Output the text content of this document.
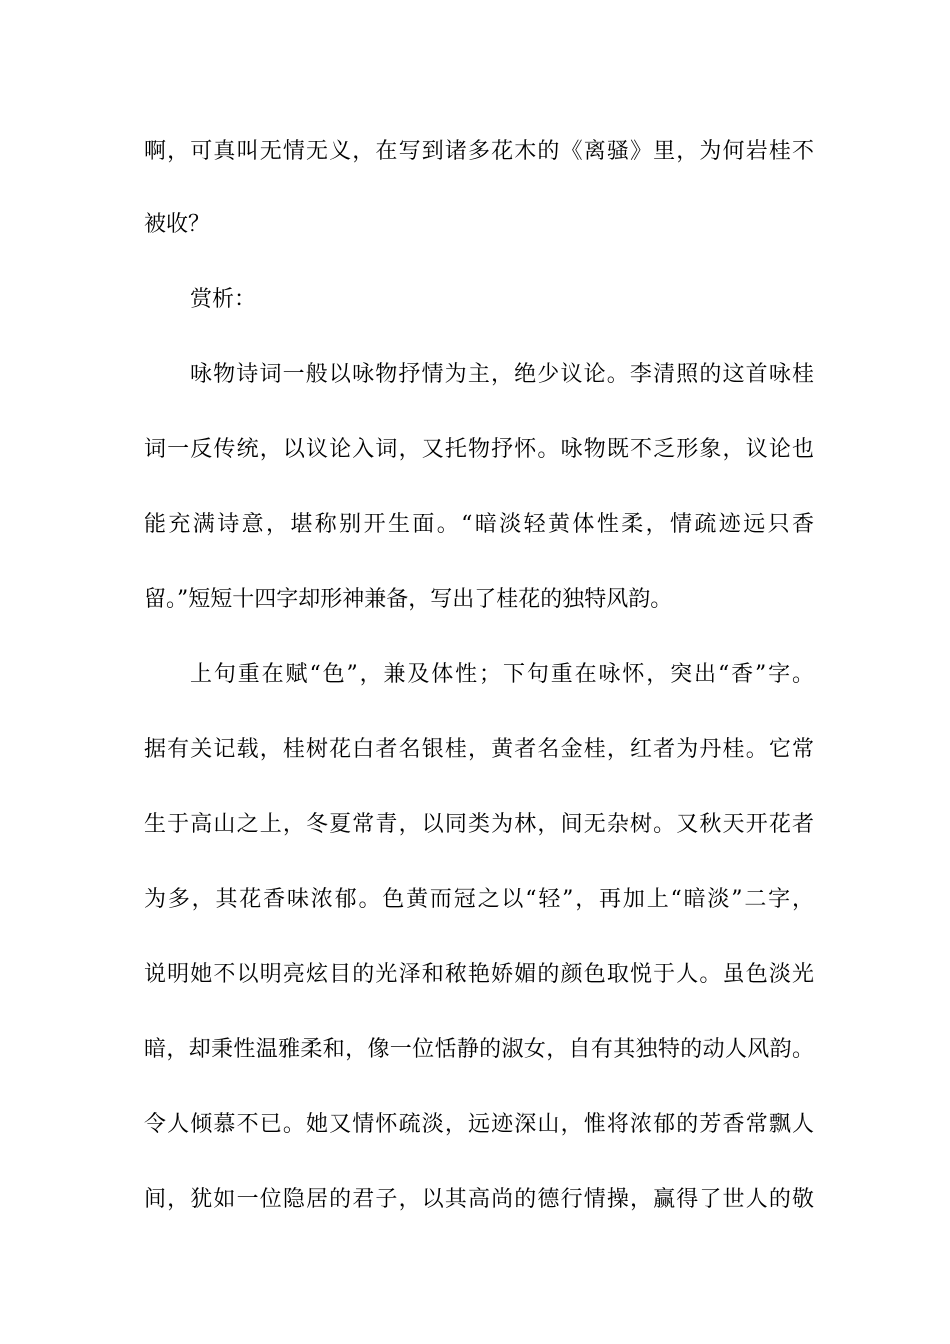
啊，可真叫无情无义，在写到诸多花木的《离骚》里，为何岩桂不
被收？
赏析：
咏物诗词一般以咏物抒情为主，绝少议论。李清照的这首咏桂
词一反传统，以议论入词，又托物抒怀。咏物既不乏形象，议论也
能充满诗意，堪称别开生面。“暗淡轻黄体性柔，情疏迹远只香
留。”短短十四字却形神兼备，写出了桂花的独特风韵。
上句重在赋“色”，兼及体性；下句重在咏怀，突出“香”字。
据有关记载，桂树花白者名银桂，黄者名金桂，红者为丹桂。它常
生于高山之上，冬夏常青，以同类为林，间无杂树。又秋天开花者
为多，其花香味浓郁。色黄而冠之以“轻”，再加上“暗淡”二字，
说明她不以明亮炫目的光泽和秾艳娇媚的颜色取悦于人。虽色淡光
暗，却秉性温雅柔和，像一位恬静的淑女，自有其独特的动人风韵。
令人倾慕不已。她又情怀疏淡，远迹深山，惟将浓郁的芳香常飘人
间，犹如一位隐居的君子，以其高尚的德行情操，赢得了世人的敬
